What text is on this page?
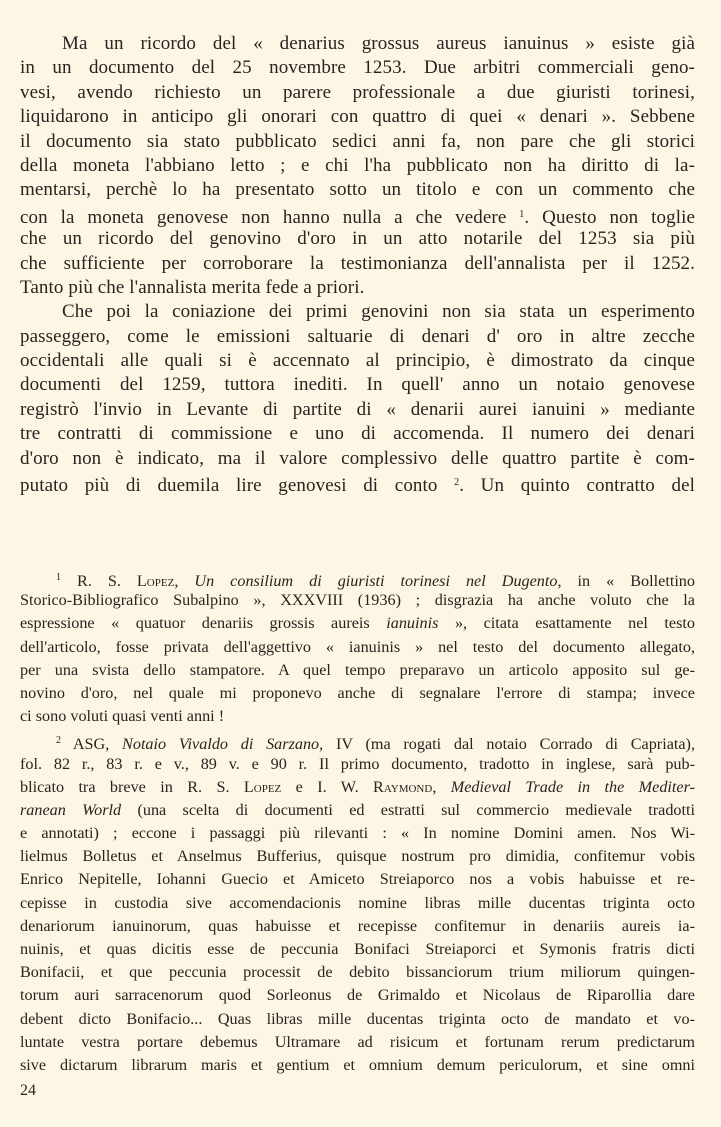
Ma un ricordo del « denarius grossus aureus ianuinus » esiste già
in un documento del 25 novembre 1253. Due arbitri commerciali geno-
vesi, avendo richiesto un parere professionale a due giuristi torinesi,
liquidarono in anticipo gli onorari con quattro di quei « denari ». Sebbene
il documento sia stato pubblicato sedici anni fa, non pare che gli storici
della moneta l'abbiano letto ; e chi l'ha pubblicato non ha diritto di la-
mentarsi, perchè lo ha presentato sotto un titolo e con un commento che
con la moneta genovese non hanno nulla a che vedere $^1$. Questo non toglie
che un ricordo del genovino d'oro in un atto notarile del 1253 sia più
che sufficiente per corroborare la testimonianza dell'annalista per il 1252.
Tanto più che l'annalista merita fede a priori.
Che poi la coniazione dei primi genovini non sia stata un esperimento
passeggero, come le emissioni saltuarie di denari d' oro in altre zecche
occidentali alle quali si è accennato al principio, è dimostrato da cinque
documenti del 1259, tuttora inediti. In quell' anno un notaio genovese
registrò l'invio in Levante di partite di « denarii aurei ianuini » mediante
tre contratti di commissione e uno di accomenda. Il numero dei denari
d'oro non è indicato, ma il valore complessivo delle quattro partite è com-
putato più di duemila lire genovesi di conto $^2$. Un quinto contratto del
$^1$ R. S. Lopez, Un consilium di giuristi torinesi nel Dugento, in « Bollettino
Storico-Bibliografico Subalpino », XXXVIII (1936) ; disgrazia ha anche voluto che la
espressione « quatuor denariis grossis aureis ianuinis », citata esattamente nel testo
dell'articolo, fosse privata dell'aggettivo « ianuinis » nel testo del documento allegato,
per una svista dello stampatore. A quel tempo preparavo un articolo apposito sul ge-
novino d'oro, nel quale mi proponevo anche di segnalare l'errore di stampa; invece
ci sono voluti quasi venti anni !
$^2$ ASG, Notaio Vivaldo di Sarzano, IV (ma rogati dal notaio Corrado di Capriata),
fol. 82 r., 83 r. e v., 89 v. e 90 r. Il primo documento, tradotto in inglese, sarà pub-
blicato tra breve in R. S. Lopez e I. W. Raymond, Medieval Trade in the Mediter-
ranean World (una scelta di documenti ed estratti sul commercio medievale tradotti
e annotati) ; eccone i passaggi più rilevanti : « In nomine Domini amen. Nos Wi-
lielmus Bolletus et Anselmus Bufferius, quisque nostrum pro dimidia, confitemur vobis
Enrico Nepitelle, Iohanni Guecio et Amiceto Streiaporco nos a vobis habuisse et re-
cepisse in custodia sive accomendacionis nomine libras mille ducentas triginta octo
denariorum ianuinorum, quas habuisse et recepisse confitemur in denariis aureis ia-
nuinis, et quas dicitis esse de peccunia Bonifaci Streiaporci et Symonis fratris dicti
Bonifacii, et que peccunia processit de debito bissanciorum trium miliorum quingen-
torum auri sarracenorum quod Sorleonus de Grimaldo et Nicolaus de Riparollia dare
debent dicto Bonifacio... Quas libras mille ducentas triginta octo de mandato et vo-
luntate vestra portare debemus Ultramare ad risicum et fortunam rerum predictarum
sive dictarum librarum maris et gentium et omnium demum periculorum, et sine omni
24
